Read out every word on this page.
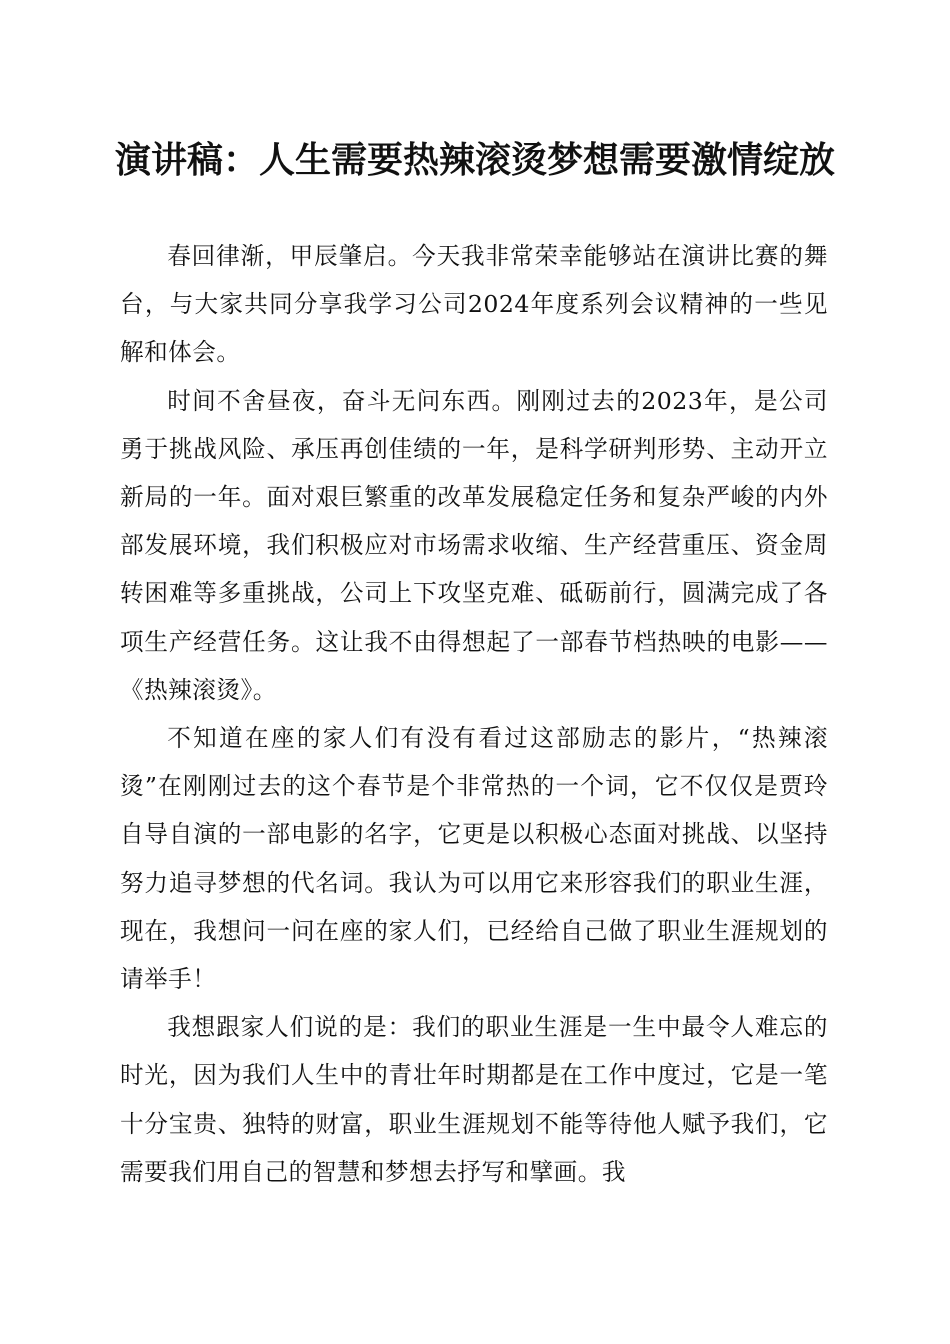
演讲稿：人生需要热辣滚烫梦想需要激情绽放

春回律渐，甲辰肇启。今天我非常荣幸能够站在演讲比赛的舞台，与大家共同分享我学习公司2024年度系列会议精神的一些见解和体会。

时间不舍昼夜，奋斗无问东西。刚刚过去的2023年，是公司勇于挑战风险、承压再创佳绩的一年，是科学研判形势、主动开立新局的一年。面对艰巨繁重的改革发展稳定任务和复杂严峻的内外部发展环境，我们积极应对市场需求收缩、生产经营重压、资金周转困难等多重挑战，公司上下攻坚克难、砥砺前行，圆满完成了各项生产经营任务。这让我不由得想起了一部春节档热映的电影——《热辣滚烫》。

不知道在座的家人们有没有看过这部励志的影片，“热辣滚烫”在刚刚过去的这个春节是个非常热的一个词，它不仅仅是贾玲自导自演的一部电影的名字，它更是以积极心态面对挑战、以坚持努力追寻梦想的代名词。我认为可以用它来形容我们的职业生涯，现在，我想问一问在座的家人们，已经给自己做了职业生涯规划的请举手！

我想跟家人们说的是：我们的职业生涯是一生中最令人难忘的时光，因为我们人生中的青壮年时期都是在工作中度过，它是一笔十分宝贵、独特的财富，职业生涯规划不能等待他人赋予我们，它需要我们用自己的智慧和梦想去抒写和擘画。我
